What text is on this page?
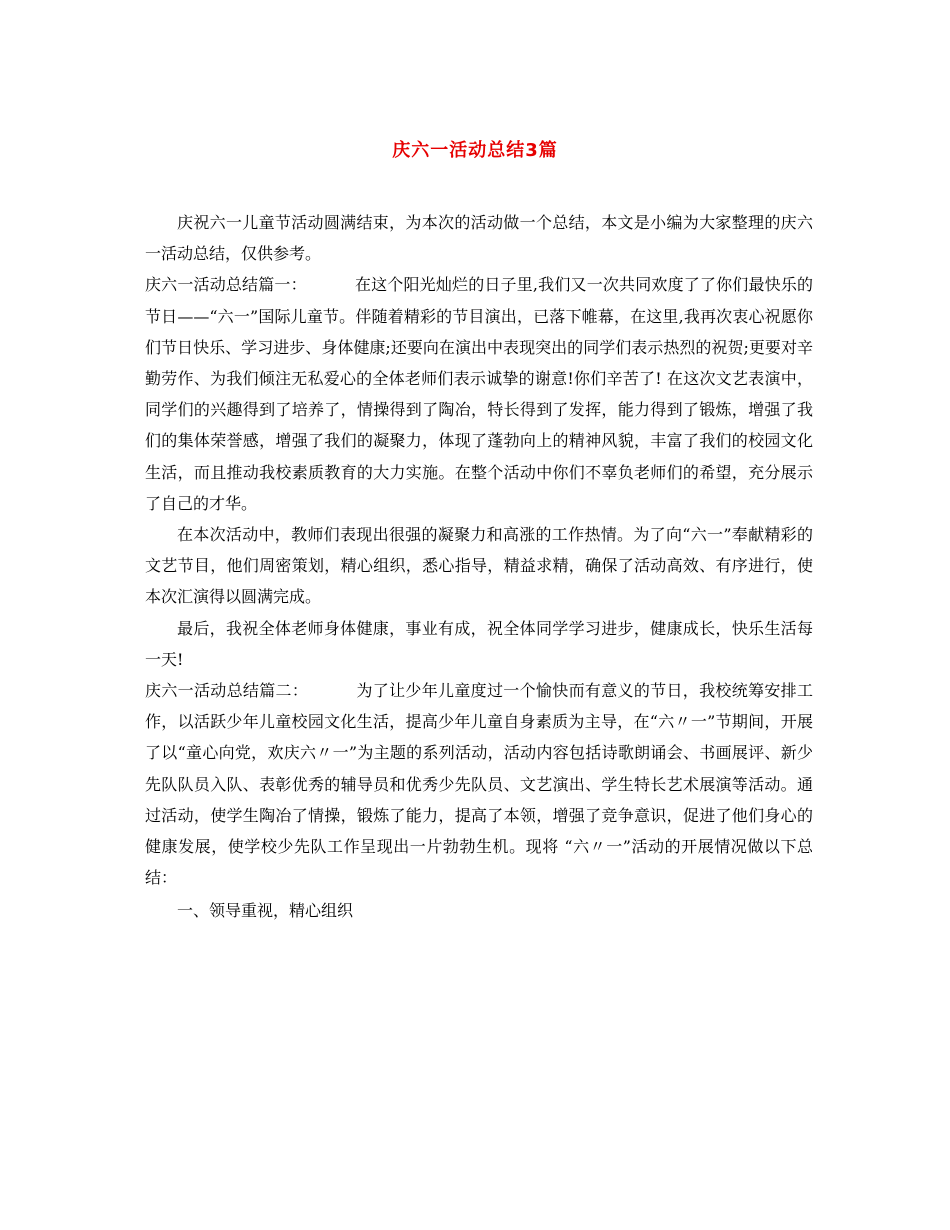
庆六一活动总结3篇

庆祝六一儿童节活动圆满结束，为本次的活动做一个总结，本文是小编为大家整理的庆六一活动总结，仅供参考。

庆六一活动总结篇一：	在这个阳光灿烂的日子里,我们又一次共同欢度了了你们最快乐的节日——“六一”国际儿童节。伴随着精彩的节目演出，已落下帷幕，在这里,我再次衷心祝愿你们节日快乐、学习进步、身体健康;还要向在演出中表现突出的同学们表示热烈的祝贺;更要对辛勤劳作、为我们倾注无私爱心的全体老师们表示诚挚的谢意!你们辛苦了! 在这次文艺表演中，同学们的兴趣得到了培养了，情操得到了陶冶，特长得到了发挥，能力得到了锻炼，增强了我们的集体荣誉感，增强了我们的凝聚力，体现了蓬勃向上的精神风貌，丰富了我们的校园文化生活，而且推动我校素质教育的大力实施。在整个活动中你们不辜负老师们的希望，充分展示了自己的才华。

在本次活动中，教师们表现出很强的凝聚力和高涨的工作热情。为了向“六一”奉献精彩的文艺节目，他们周密策划，精心组织，悉心指导，精益求精，确保了活动高效、有序进行，使本次汇演得以圆满完成。

最后，我祝全体老师身体健康，事业有成，祝全体同学学习进步，健康成长，快乐生活每一天!

庆六一活动总结篇二：	为了让少年儿童度过一个愉快而有意义的节日，我校统筹安排工作，以活跃少年儿童校园文化生活，提高少年儿童自身素质为主导，在“六〃一”节期间，开展了以“童心向党，欢庆六〃一”为主题的系列活动，活动内容包括诗歌朗诵会、书画展评、新少先队队员入队、表彰优秀的辅导员和优秀少先队员、文艺演出、学生特长艺术展演等活动。通过活动，使学生陶冶了情操，锻炼了能力，提高了本领，增强了竞争意识，促进了他们身心的健康发展，使学校少先队工作呈现出一片勃勃生机。现将 “六〃一”活动的开展情况做以下总结：

一、领导重视，精心组织
